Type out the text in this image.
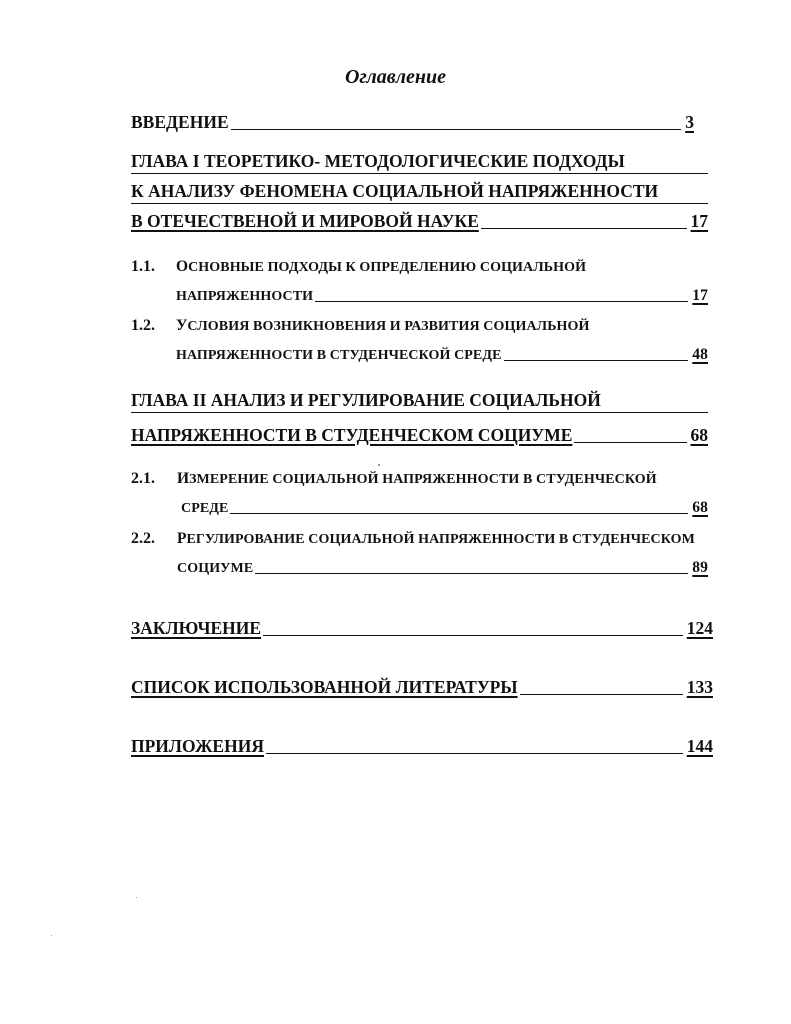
Оглавление
ВВЕДЕНИЕ	3
ГЛАВА I ТЕОРЕТИКО- МЕТОДОЛОГИЧЕСКИЕ ПОДХОДЫ
К АНАЛИЗУ ФЕНОМЕНА СОЦИАЛЬНОЙ НАПРЯЖЕННОСТИ
В ОТЕЧЕСТВЕНОЙ И МИРОВОЙ НАУКЕ	17
1.1. ОСНОВНЫЕ ПОДХОДЫ К ОПРЕДЕЛЕНИЮ СОЦИАЛЬНОЙ
НАПРЯЖЕННОСТИ	17
1.2. УСЛОВИЯ ВОЗНИКНОВЕНИЯ И РАЗВИТИЯ СОЦИАЛЬНОЙ
НАПРЯЖЕННОСТИ В СТУДЕНЧЕСКОЙ СРЕДЕ	48
ГЛАВА II АНАЛИЗ И РЕГУЛИРОВАНИЕ СОЦИАЛЬНОЙ
НАПРЯЖЕННОСТИ В СТУДЕНЧЕСКОМ СОЦИУМЕ	68
2.1. ИЗМЕРЕНИЕ СОЦИАЛЬНОЙ НАПРЯЖЕННОСТИ В СТУДЕНЧЕСКОЙ
СРЕДЕ	68
2.2. РЕГУЛИРОВАНИЕ СОЦИАЛЬНОЙ НАПРЯЖЕННОСТИ В СТУДЕНЧЕСКОМ
СОЦИУМЕ	89
ЗАКЛЮЧЕНИЕ	124
СПИСОК ИСПОЛЬЗОВАННОЙ ЛИТЕРАТУРЫ	133
ПРИЛОЖЕНИЯ	144
